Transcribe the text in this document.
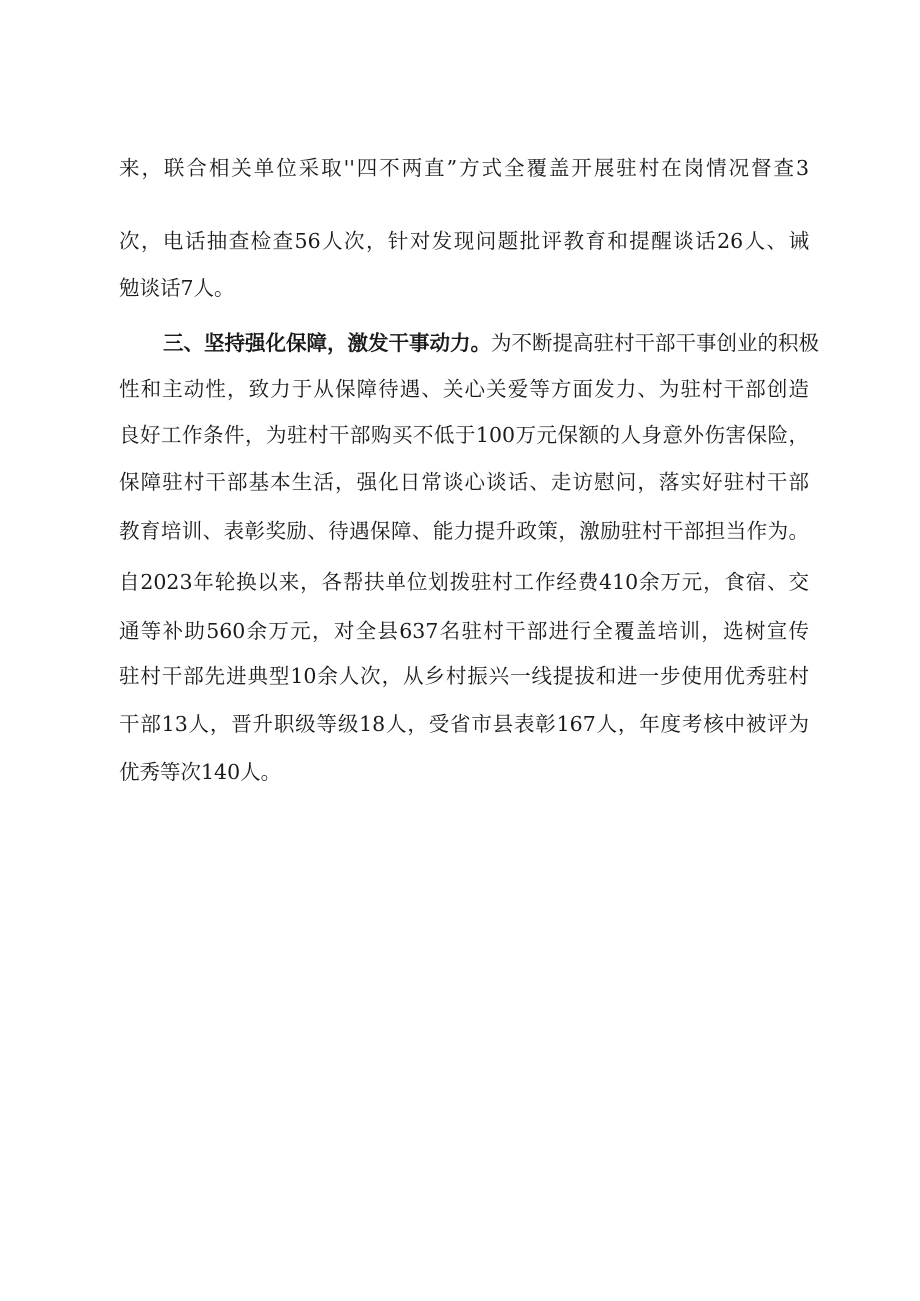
来，联合相关单位采取''四不两直”方式全覆盖开展驻村在岗情况督查3
次，电话抽查检查56人次，针对发现问题批评教育和提醒谈话26人、诫
勉谈话7人。
三、坚持强化保障，激发干事动力。为不断提高驻村干部干事创业的积极
性和主动性，致力于从保障待遇、关心关爱等方面发力、为驻村干部创造
良好工作条件，为驻村干部购买不低于100万元保额的人身意外伤害保险，
保障驻村干部基本生活，强化日常谈心谈话、走访慰问，落实好驻村干部
教育培训、表彰奖励、待遇保障、能力提升政策，激励驻村干部担当作为。
自2023年轮换以来，各帮扶单位划拨驻村工作经费410余万元，食宿、交
通等补助560余万元，对全县637名驻村干部进行全覆盖培训，选树宣传
驻村干部先进典型10余人次，从乡村振兴一线提拔和进一步使用优秀驻村
干部13人，晋升职级等级18人，受省市县表彰167人，年度考核中被评为
优秀等次140人。
